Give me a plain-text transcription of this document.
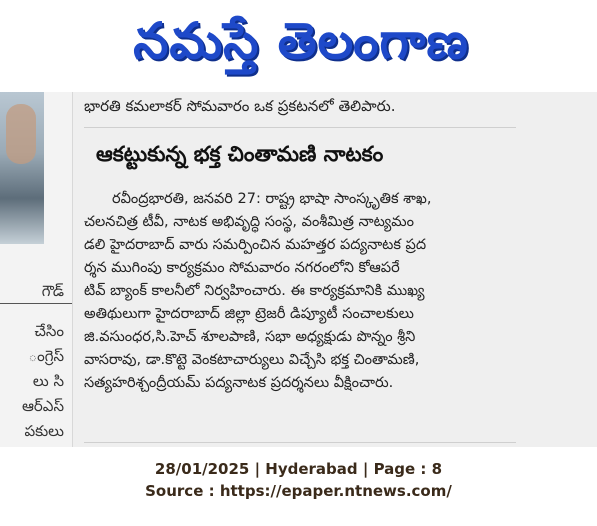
నమస్తే తెలంగాణ
గౌడ్
చేసిం
ంగ్రెస్
లు సి
ఆర్ఎస్
పకులు
భారతి కమలాకర్ సోమవారం ఒక ప్రకటనలో తెలిపారు.
ఆకట్టుకున్న భక్త చింతామణి నాటకం
రవీంద్రభారతి, జనవరి 27: రాష్ట్ర భాషా సాంస్కృతిక శాఖ,
చలనచిత్ర టీవీ, నాటక అభివృద్ధి సంస్థ, వంశీమిత్ర నాట్యమం
డలి హైదరాబాద్ వారు సమర్పించిన మహత్తర పద్యనాటక ప్రద
ర్శన ముగింపు కార్యక్రమం సోమవారం నగరంలోని కోఆపరే
టివ్ బ్యాంక్ కాలనీలో నిర్వహించారు. ఈ కార్యక్రమానికి ముఖ్య
అతిథులుగా హైదరాబాద్ జిల్లా ట్రెజరీ డిప్యూటీ సంచాలకులు
జి.వసుంధర,సి.హెచ్ శూలపాణి, సభా అధ్యక్షుడు పొన్నం శ్రీని
వాసరావు, డా.కొట్టె వెంకటాచార్యులు విచ్చేసి భక్త చింతామణి,
సత్యహరిశ్చంద్రీయమ్ పద్యనాటక ప్రదర్శనలు వీక్షించారు.
28/01/2025 | Hyderabad | Page : 8
Source : https://epaper.ntnews.com/
